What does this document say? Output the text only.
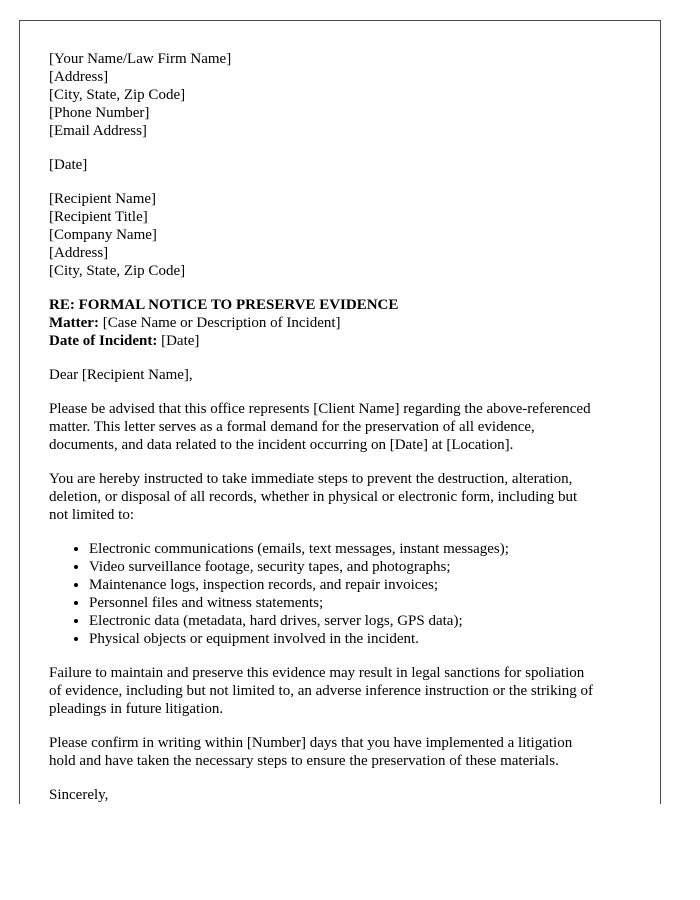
[Your Name/Law Firm Name]
[Address]
[City, State, Zip Code]
[Phone Number]
[Email Address]
[Date]
[Recipient Name]
[Recipient Title]
[Company Name]
[Address]
[City, State, Zip Code]
RE: FORMAL NOTICE TO PRESERVE EVIDENCE
Matter: [Case Name or Description of Incident]
Date of Incident: [Date]
Dear [Recipient Name],
Please be advised that this office represents [Client Name] regarding the above-referenced
matter. This letter serves as a formal demand for the preservation of all evidence,
documents, and data related to the incident occurring on [Date] at [Location].
You are hereby instructed to take immediate steps to prevent the destruction, alteration,
deletion, or disposal of all records, whether in physical or electronic form, including but
not limited to:
• Electronic communications (emails, text messages, instant messages);
• Video surveillance footage, security tapes, and photographs;
• Maintenance logs, inspection records, and repair invoices;
• Personnel files and witness statements;
• Electronic data (metadata, hard drives, server logs, GPS data);
• Physical objects or equipment involved in the incident.
Failure to maintain and preserve this evidence may result in legal sanctions for spoliation
of evidence, including but not limited to, an adverse inference instruction or the striking of
pleadings in future litigation.
Please confirm in writing within [Number] days that you have implemented a litigation
hold and have taken the necessary steps to ensure the preservation of these materials.
Sincerely,
